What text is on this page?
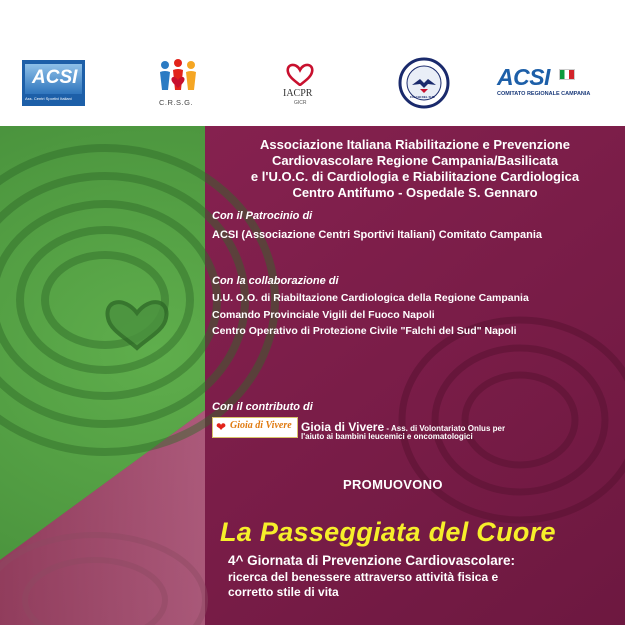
ACSI
Ass. Centri Sportivi Italiani	C.R.S.G.
IACPR
GICR
FALCHI DEL SUD
ACSI
COMITATO REGIONALE CAMPANIA

Associazione Italiana Riabilitazione e Prevenzione

Cardiovascolare Regione Campania/Basilicata

e l'U.O.C. di Cardiologia e Riabilitazione Cardiologica

Centro Antifumo - Ospedale S. Gennaro

Con il Patrocinio di

ACSI (Associazione Centri Sportivi Italiani) Comitato Campania

Con la collaborazione di

U.U. O.O. di Riabiltazione Cardiologica della Regione Campania

Comando Provinciale Vigili del Fuoco Napoli

Centro Operativo di Protezione Civile "Falchi del Sud" Napoli

Con il contributo di

❤ Gioia di Vivere Gioia di Vivere - Ass. di Volontariato Onlus per

l'aiuto ai bambini leucemici e oncomatologici

PROMUOVONO

La Passeggiata del Cuore

4^ Giornata di Prevenzione Cardiovascolare:

ricerca del benessere attraverso attività fisica e

corretto stile di vita
